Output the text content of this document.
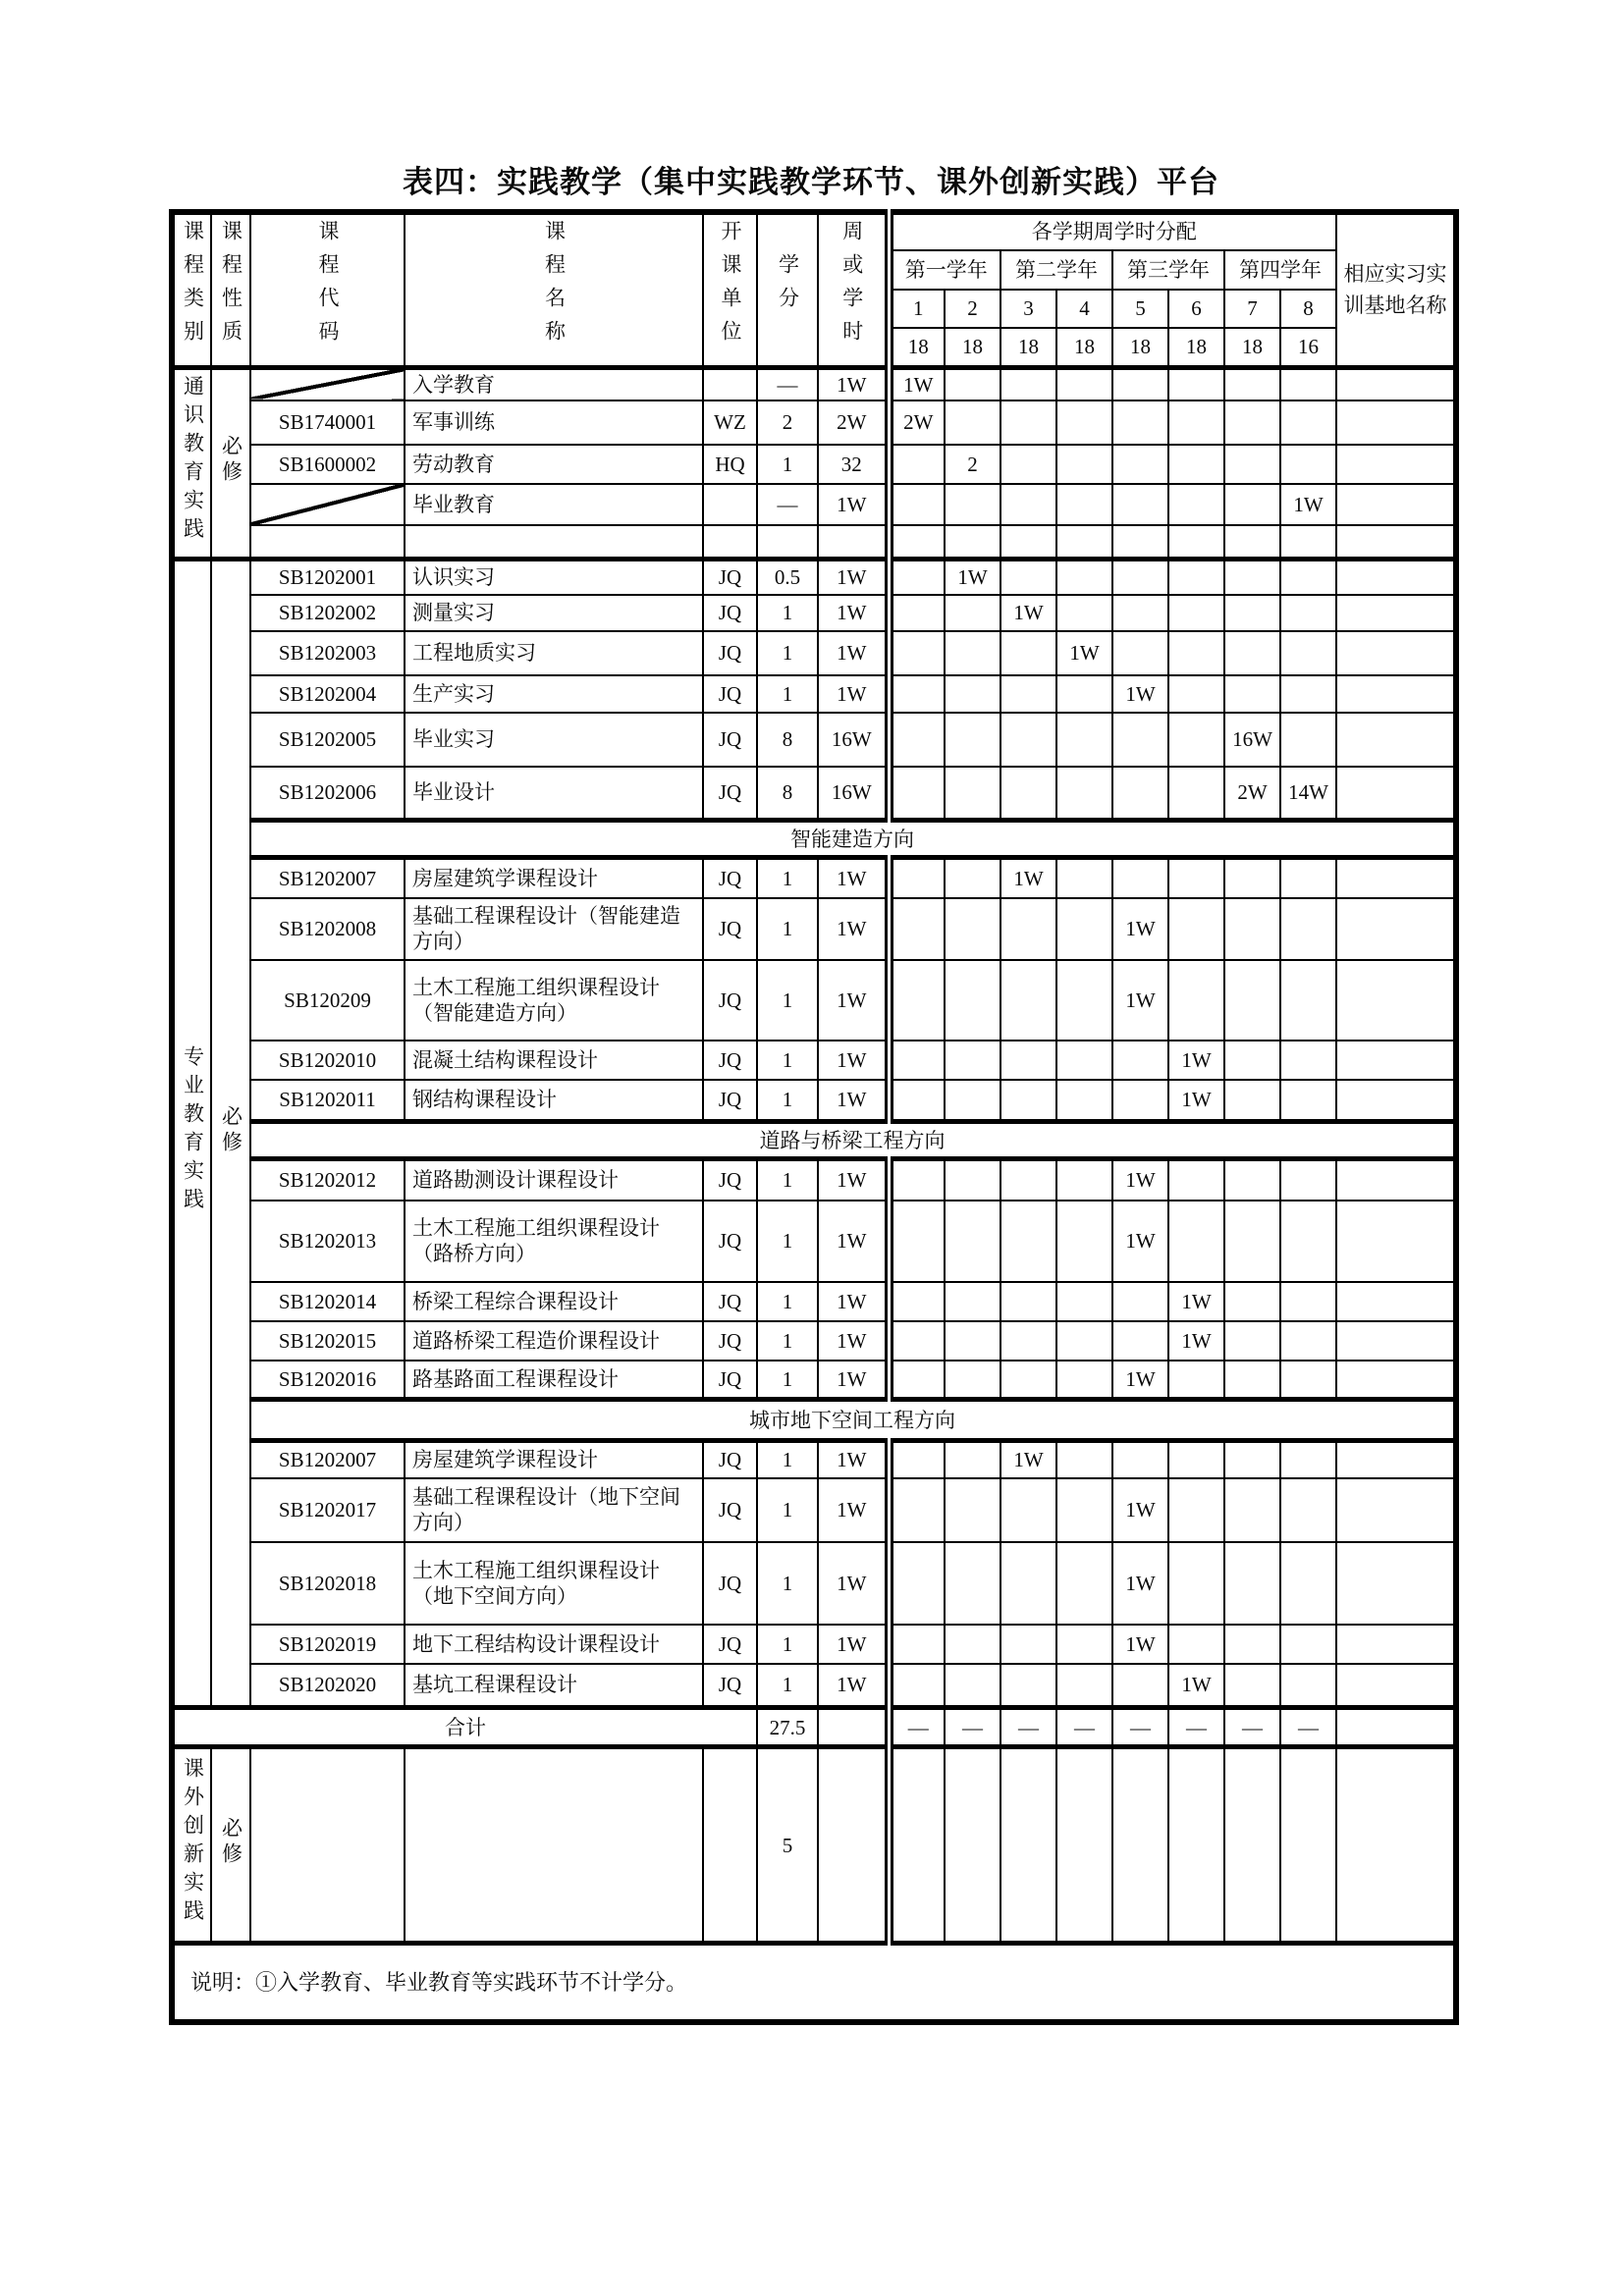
表四：实践教学（集中实践教学环节、课外创新实践）平台
课程类别	课程性质	课程代码	课程名称	开课单位	学分	周或学时	各学期周学时分配								相应实习实训基地名称
							第一学年		第二学年		第三学年		第四学年		
							1	2	3	4	5	6	7	8	
							18	18	18	18	18	18	18	16	
通识教育实践	必修		入学教育		—	1W	1W								
		SB1740001	军事训练	WZ	2	2W	2W								
		SB1600002	劳动教育	HQ	1	32		2							
			毕业教育		—	1W								1W	

专业教育实践	必修	SB1202001	认识实习	JQ	0.5	1W		1W							
		SB1202002	测量实习	JQ	1	1W			1W						
		SB1202003	工程地质实习	JQ	1	1W				1W					
		SB1202004	生产实习	JQ	1	1W					1W				
		SB1202005	毕业实习	JQ	8	16W							16W		
		SB1202006	毕业设计	JQ	8	16W							2W	14W	
		智能建造方向													
		SB1202007	房屋建筑学课程设计	JQ	1	1W			1W						
		SB1202008	基础工程课程设计（智能建造方向）	JQ	1	1W					1W				
		SB120209	土木工程施工组织课程设计（智能建造方向）	JQ	1	1W					1W				
		SB1202010	混凝土结构课程设计	JQ	1	1W						1W			
		SB1202011	钢结构课程设计	JQ	1	1W						1W			
		道路与桥梁工程方向													
		SB1202012	道路勘测设计课程设计	JQ	1	1W					1W				
		SB1202013	土木工程施工组织课程设计（路桥方向）	JQ	1	1W					1W				
		SB1202014	桥梁工程综合课程设计	JQ	1	1W						1W			
		SB1202015	道路桥梁工程造价课程设计	JQ	1	1W						1W			
		SB1202016	路基路面工程课程设计	JQ	1	1W					1W				
		城市地下空间工程方向													
		SB1202007	房屋建筑学课程设计	JQ	1	1W			1W						
		SB1202017	基础工程课程设计（地下空间方向）	JQ	1	1W					1W				
		SB1202018	土木工程施工组织课程设计（地下空间方向）	JQ	1	1W					1W				
		SB1202019	地下工程结构设计课程设计	JQ	1	1W					1W				
		SB1202020	基坑工程课程设计	JQ	1	1W						1W			
合计					27.5		—	—	—	—	—	—	—	—	
课外创新实践	必修				5										
说明：①入学教育、毕业教育等实践环节不计学分。															
